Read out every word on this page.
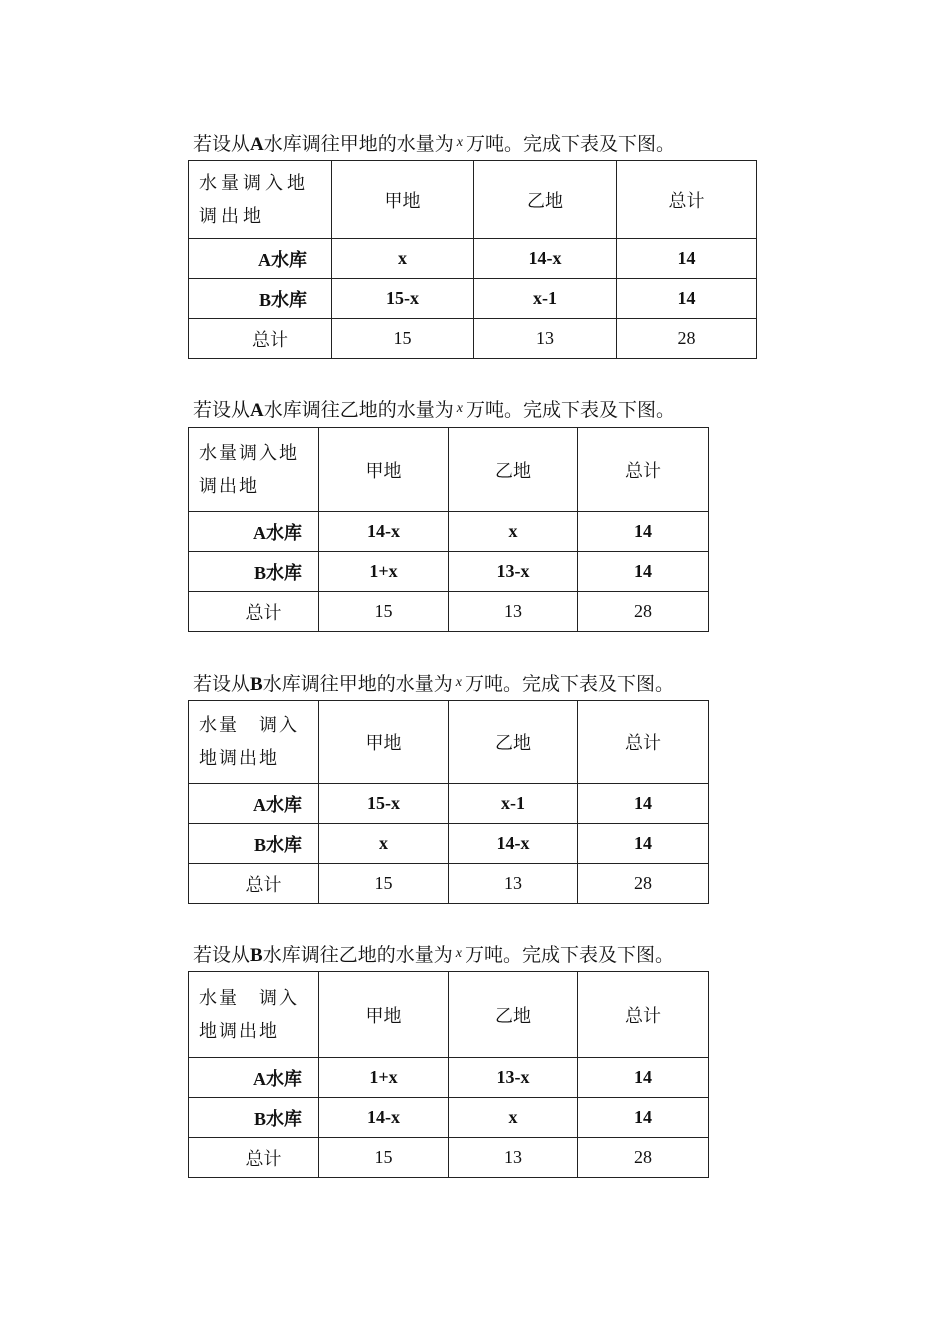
若设从A水库调往甲地的水量为 $^x$ 万吨。完成下表及下图。
水量调入地
调出地	甲地	乙地	总计
A水库	x	14-x	14
B水库	15-x	x-1	14
总计	15	13	28
若设从A水库调往乙地的水量为 $^x$ 万吨。完成下表及下图。
水量调入地
调出地	甲地	乙地	总计
A水库	14-x	x	14
B水库	1+x	13-x	14
总计	15	13	28
若设从B水库调往甲地的水量为 $^x$ 万吨。完成下表及下图。
水量　调入
地调出地	甲地	乙地	总计
A水库	15-x	x-1	14
B水库	x	14-x	14
总计	15	13	28
若设从B水库调往乙地的水量为 $^x$ 万吨。完成下表及下图。
水量　调入
地调出地	甲地	乙地	总计
A水库	1+x	13-x	14
B水库	14-x	x	14
总计	15	13	28
